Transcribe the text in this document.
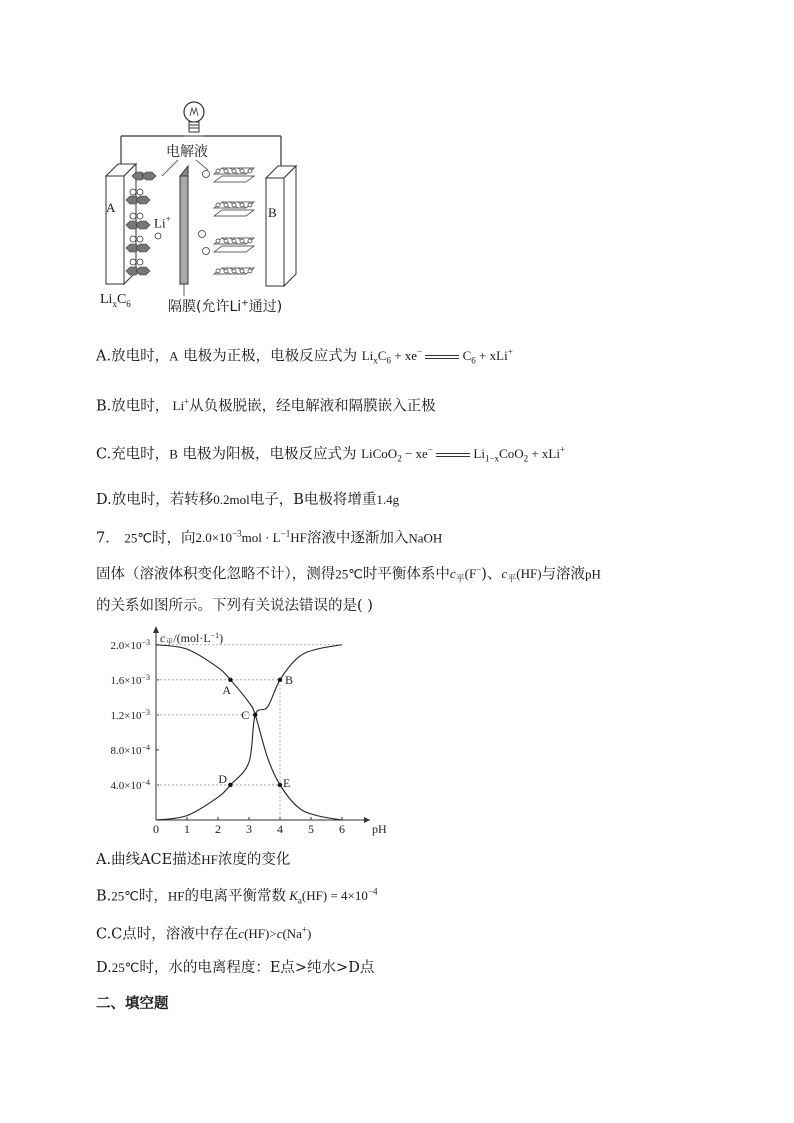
电解液
A	B
Li+
$Li_xC_6$	隔膜(允许Li+通过)
A.放电时，A 电极为正极，电极反应式为 $Li_xC_6 + xe^-$	$C_6 + xLi^+$
B.放电时， Li+从负极脱嵌，经电解液和隔膜嵌入正极
C.充电时，B 电极为阳极，电极反应式为 LiCoO$_2$ − xe−	$Li_{1-x}CoO_2 + xLi^+$
D.放电时，若转移0.2mol电子，B电极将增重1.4g
7． 25℃时，向$2.0\times 10^{-3}mol \cdot L^{-1}HF$溶液中逐渐加入NaOH
固体（溶液体积变化忽略不计），测得25℃时平衡体系中$c_平(F^-)$、$c_平(HF)$与溶液pH
的关系如图所示。下列有关说法错误的是( )
$c_平/(mol\cdot L^{-1})$
pH
0 1 2 3 4 5 6
$2.0\times 10^{-3}$
$1.6\times 10^{-3}$
$1.2\times 10^{-3}$
$8.0\times 10^{-4}$
$4.0\times 10^{-4}$
A
B
C
D	E
A.曲线ACE描述HF浓度的变化
B.25℃时，HF的电离平衡常数 $K_a(HF) = 4\times 10^{-4}$
C.C点时，溶液中存在c(HF)>c(Na+)
D.25℃时，水的电离程度：E点>纯水>D点
二、填空题
